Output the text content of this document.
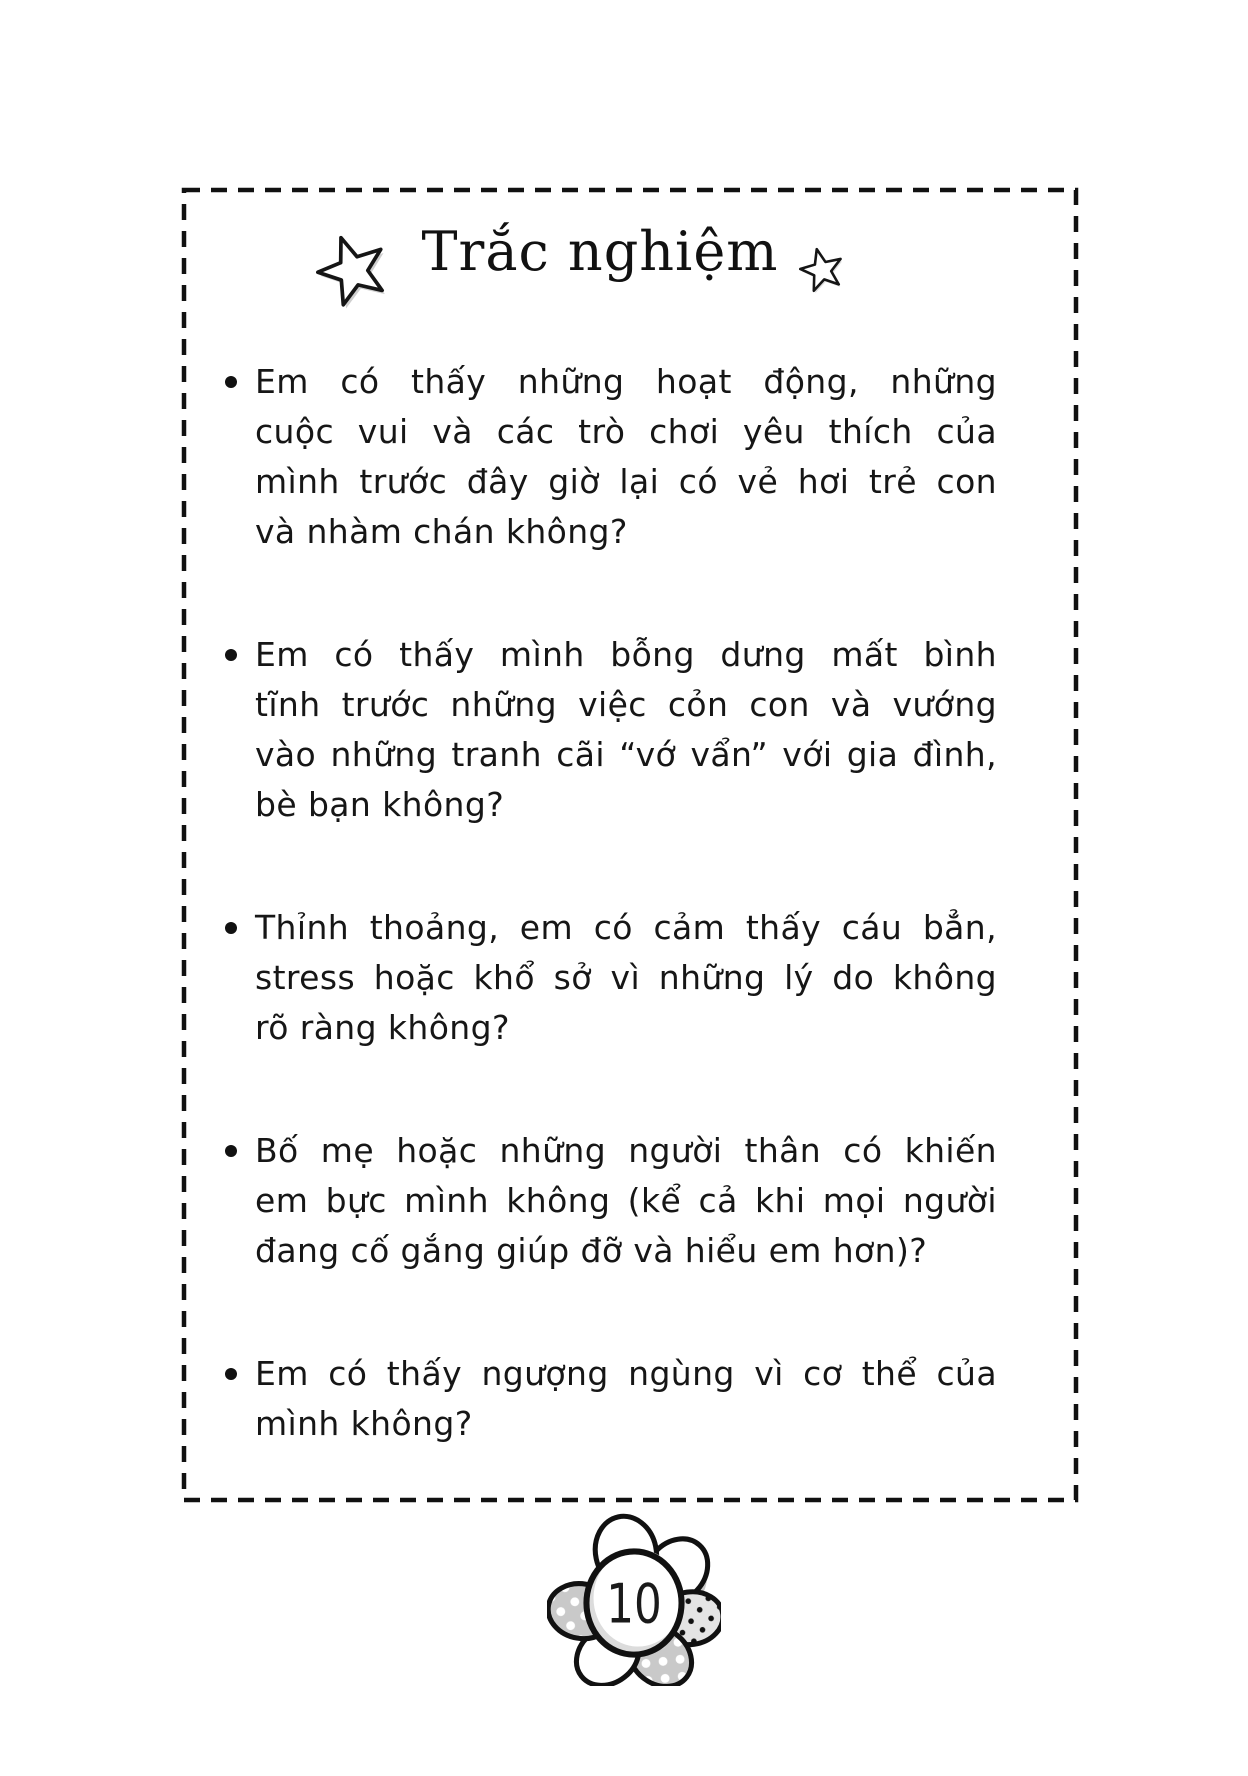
Trắc nghiệm
Em có thấy những hoạt động, những
cuộc vui và các trò chơi yêu thích của
mình trước đây giờ lại có vẻ hơi trẻ con
và nhàm chán không?
Em có thấy mình bỗng dưng mất bình
tĩnh trước những việc cỏn con và vướng
vào những tranh cãi “vớ vẩn” với gia đình,
bè bạn không?
Thỉnh thoảng, em có cảm thấy cáu bẳn,
stress hoặc khổ sở vì những lý do không
rõ ràng không?
Bố mẹ hoặc những người thân có khiến
em bực mình không (kể cả khi mọi người
đang cố gắng giúp đỡ và hiểu em hơn)?
Em có thấy ngượng ngùng vì cơ thể của
mình không?
10
